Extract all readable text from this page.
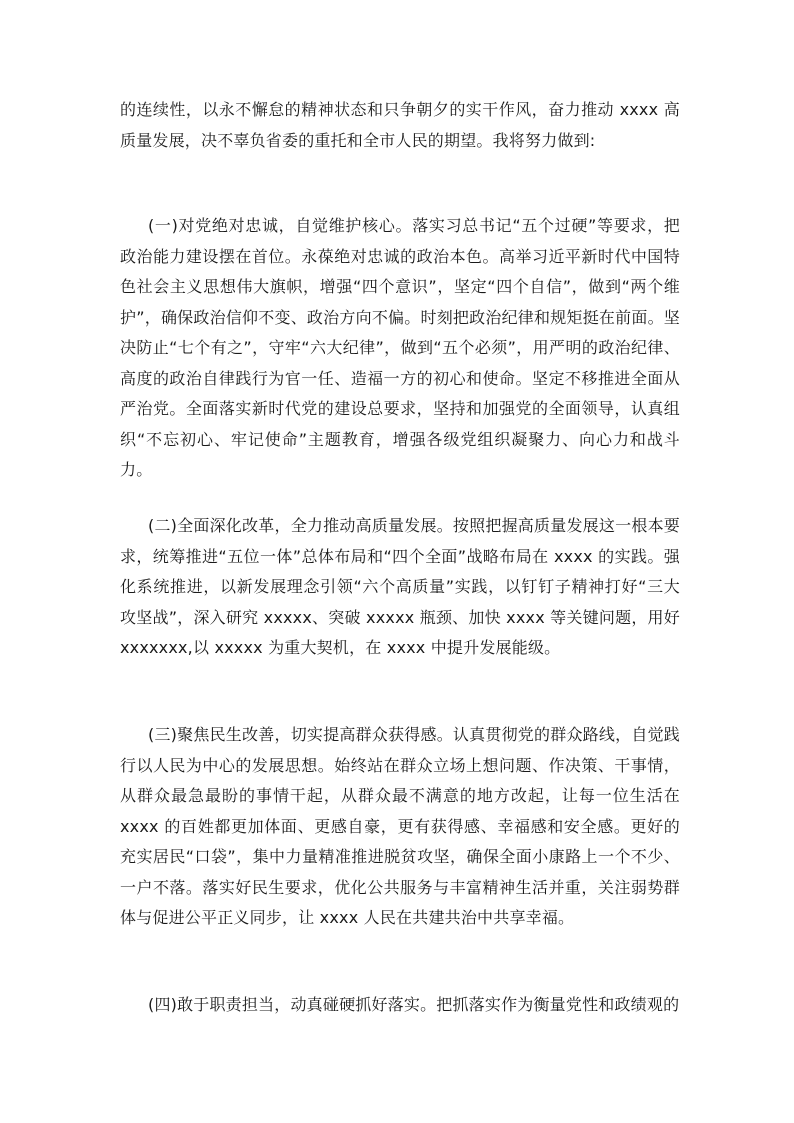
的连续性，以永不懈怠的精神状态和只争朝夕的实干作风，奋力推动 xxxx 高质量发展，决不辜负省委的重托和全市人民的期望。我将努力做到:

(一)对党绝对忠诚，自觉维护核心。落实习总书记“五个过硬”等要求，把政治能力建设摆在首位。永葆绝对忠诚的政治本色。高举习近平新时代中国特色社会主义思想伟大旗帜，增强“四个意识”，坚定“四个自信”，做到“两个维护”，确保政治信仰不变、政治方向不偏。时刻把政治纪律和规矩挺在前面。坚决防止“七个有之”，守牢“六大纪律”，做到“五个必须”，用严明的政治纪律、高度的政治自律践行为官一任、造福一方的初心和使命。坚定不移推进全面从严治党。全面落实新时代党的建设总要求，坚持和加强党的全面领导，认真组织“不忘初心、牢记使命”主题教育，增强各级党组织凝聚力、向心力和战斗力。

(二)全面深化改革，全力推动高质量发展。按照把握高质量发展这一根本要求，统筹推进“五位一体”总体布局和“四个全面”战略布局在 xxxx 的实践。强化系统推进，以新发展理念引领“六个高质量”实践，以钉钉子精神打好“三大攻坚战”，深入研究 xxxxx、突破 xxxxx 瓶颈、加快 xxxx 等关键问题，用好 xxxxxxx,以 xxxxx 为重大契机，在 xxxx 中提升发展能级。

(三)聚焦民生改善，切实提高群众获得感。认真贯彻党的群众路线，自觉践行以人民为中心的发展思想。始终站在群众立场上想问题、作决策、干事情，从群众最急最盼的事情干起，从群众最不满意的地方改起，让每一位生活在 xxxx 的百姓都更加体面、更感自豪，更有获得感、幸福感和安全感。更好的充实居民“口袋”，集中力量精准推进脱贫攻坚，确保全面小康路上一个不少、一户不落。落实好民生要求，优化公共服务与丰富精神生活并重，关注弱势群体与促进公平正义同步，让 xxxx 人民在共建共治中共享幸福。

(四)敢于职责担当，动真碰硬抓好落实。把抓落实作为衡量党性和政绩观的
